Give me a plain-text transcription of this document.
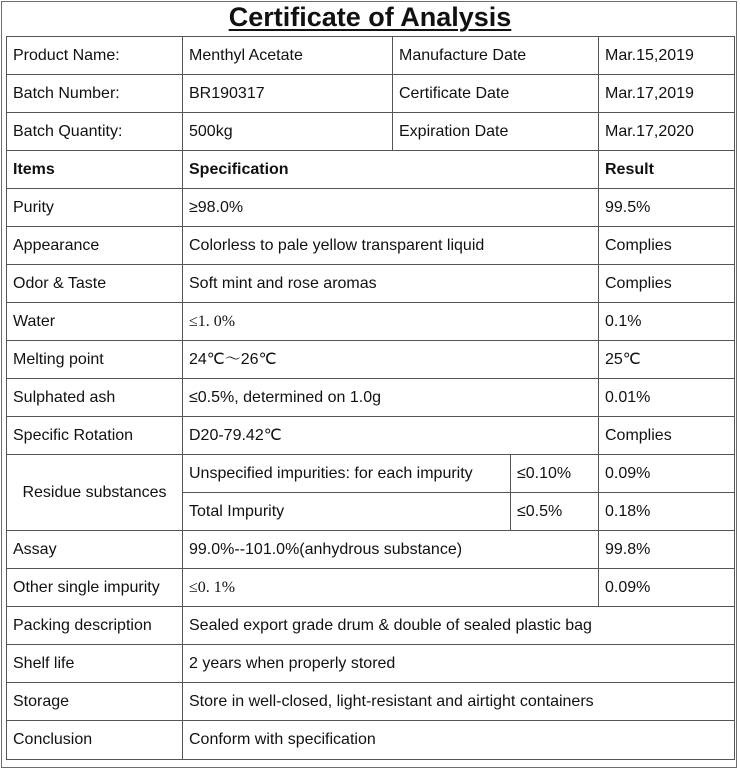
Certificate of Analysis
Product Name:	Menthyl Acetate	Manufacture Date		Mar.15,2019
Batch Number:	BR190317	Certificate Date		Mar.17,2019
Batch Quantity:	500kg	Expiration Date		Mar.17,2020
Items	Specification			Result
Purity	≥98.0%			99.5%
Appearance	Colorless to pale yellow transparent liquid			Complies
Odor & Taste	Soft mint and rose aromas			Complies
Water	≤1. 0%			0.1%
Melting point	24℃～26℃			25℃
Sulphated ash	≤0.5%, determined on 1.0g			0.01%
Specific Rotation	D20-79.42℃			Complies
Residue substances	Unspecified impurities: for each impurity		≤0.10%	0.09%
	Total Impurity		≤0.5%	0.18%
Assay	99.0%--101.0%(anhydrous substance)			99.8%
Other single impurity	≤0. 1%			0.09%
Packing description	Sealed export grade drum & double of sealed plastic bag			
Shelf life	2 years when properly stored			
Storage	Store in well-closed, light-resistant and airtight containers			
Conclusion	Conform with specification			
